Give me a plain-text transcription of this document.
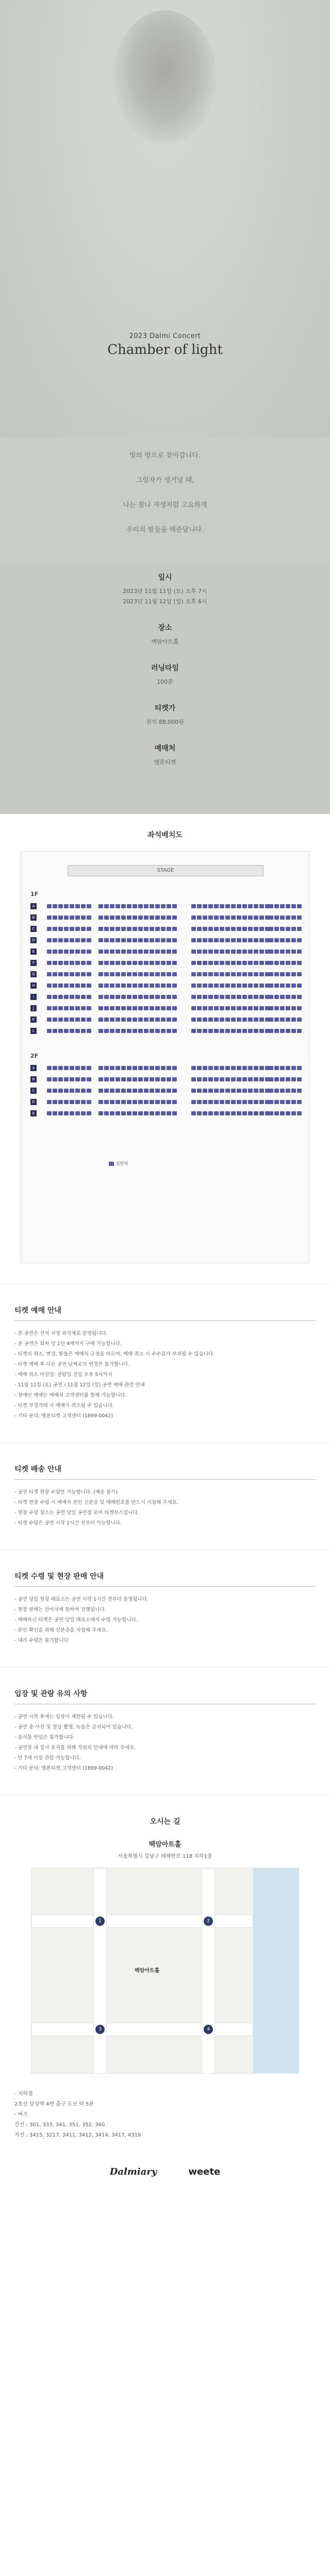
2023 Dalmi Concert
Chamber of light

빛의 방으로 찾아갑니다.

그림자가 생겨날 때,

나는 찰나 자생처럼 고요하게

우리의 밤들을 해준답니다.

일시
2023년 11월 11일 (토) 오후 7시
2023년 11월 12일 (일) 오후 6시
장소
벡암아트홀
러닝타임
100분
티켓가
전석 88,000원
예매처
멜론티켓
좌석배치도
STAGE
1F
2F
일반석
A
B
C
D
E
F
G
H
I
J
K
L
A
B
C
D
E
티켓 예매 안내
- 본 공연은 전석 지정 좌석제로 운영됩니다.
- 본 공연은 회차 당 1인 4매까지 구매 가능합니다.
- 티켓의 취소, 변경, 환불은 예매처 규정을 따르며, 예매 취소 시 수수료가 부과될 수 있습니다.
- 티켓 예매 후 다른 공연 날짜로의 변경은 불가합니다.
- 예매 취소 마감일: 관람일 전일 오후 5시까지
- 11월 11일 (토) 공연 / 11월 12일 (일) 공연 예매 관련 안내
- 장애인 예매는 예매처 고객센터를 통해 가능합니다.
- 티켓 부정거래 시 예매가 취소될 수 있습니다.
- 기타 문의: 멜론티켓 고객센터 (1899-0042)
티켓 배송 안내
- 공연 티켓 현장 수령만 가능합니다. (배송 불가)
- 티켓 현장 수령 시 예매자 본인 신분증 및 예매번호를 반드시 지참해 주세요.
- 현장 수령 장소는 공연 당일 공연장 로비 티켓부스입니다.
- 티켓 수령은 공연 시작 1시간 전부터 가능합니다.
티켓 수령 및 현장 판매 안내
- 공연 당일 현장 매표소는 공연 시작 1시간 전부터 운영됩니다.
- 현장 판매는 잔여석에 한하여 진행됩니다.
- 예매하신 티켓은 공연 당일 매표소에서 수령 가능합니다.
- 본인 확인을 위해 신분증을 지참해 주세요.
- 대리 수령은 불가합니다.
입장 및 관람 유의 사항
- 공연 시작 후에는 입장이 제한될 수 있습니다.
- 공연 중 사진 및 영상 촬영, 녹음은 금지되어 있습니다.
- 음식물 반입은 불가합니다.
- 공연장 내 질서 유지를 위해 직원의 안내에 따라 주세요.
- 만 7세 이상 관람 가능합니다.
- 기타 문의: 멜론티켓 고객센터 (1899-0042)
오시는 길
백암아트홀
서울특별시 강남구 테헤란로 118 지하1층
1	2
3	4
백암아트홀

- 지하철

2호선 삼성역 4번 출구 도보 약 5분

- 버스

간선 : 301, 333, 341, 351, 352, 360

지선 : 3415, 3217, 3411, 3412, 3414, 3417, 4319

Dalmiary	weete
